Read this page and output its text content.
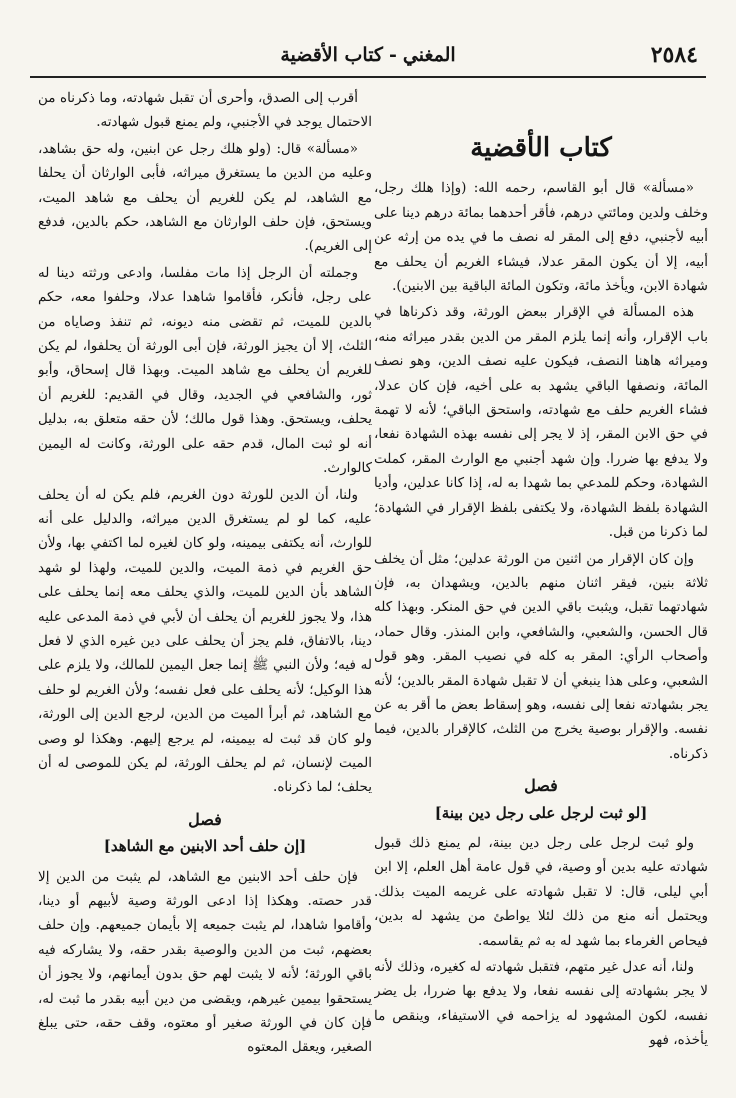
٢٥٨٤
المغني-كتاب الأقضية
كتاب الأقضية

«مسألة» قال أبو القاسم، رحمه الله: (وإذا هلك رجل، وخلف ولدين ومائتي درهم، فأقر أحدهما بمائة درهم دينا على أبيه لأجنبي، دفع إلى المقر له نصف ما في يده من إرثه عن أبيه، إلا أن يكون المقر عدلا، فيشاء الغريم أن يحلف مع شهادة الابن، ويأخذ مائة، وتكون المائة الباقية بين الابنين).

هذه المسألة في الإقرار ببعض الورثة، وقد ذكرناها في باب الإقرار، وأنه إنما يلزم المقر من الدين بقدر ميراثه منه، وميراثه هاهنا النصف، فيكون عليه نصف الدين، وهو نصف المائة، ونصفها الباقي يشهد به على أخيه، فإن كان عدلا، فشاء الغريم حلف مع شهادته، واستحق الباقي؛ لأنه لا تهمة في حق الابن المقر، إذ لا يجر إلى نفسه بهذه الشهادة نفعا، ولا يدفع بها ضررا. وإن شهد أجنبي مع الوارث المقر، كملت الشهادة، وحكم للمدعي بما شهدا به له، إذا كانا عدلين، وأديا الشهادة بلفظ الشهادة، ولا يكتفى بلفظ الإقرار في الشهادة؛ لما ذكرنا من قبل.

وإن كان الإقرار من اثنين من الورثة عدلين؛ مثل أن يخلف ثلاثة بنين، فيقر اثنان منهم بالدين، ويشهدان به، فإن شهادتهما تقبل، ويثبت باقي الدين في حق المنكر. وبهذا كله قال الحسن، والشعبي، والشافعي، وابن المنذر. وقال حماد، وأصحاب الرأي: المقر به كله في نصيب المقر. وهو قول الشعبي، وعلى هذا ينبغي أن لا تقبل شهادة المقر بالدين؛ لأنه يجر بشهادته نفعا إلى نفسه، وهو إسقاط بعض ما أقر به عن نفسه. والإقرار بوصية يخرج من الثلث، كالإقرار بالدين، فيما ذكرناه.

فصل
[لو ثبت لرجل على رجل دين بينة]

ولو ثبت لرجل على رجل دين بينة، لم يمنع ذلك قبول شهادته عليه بدين أو وصية، في قول عامة أهل العلم، إلا ابن أبي ليلى، قال: لا تقبل شهادته على غريمه الميت بذلك. ويحتمل أنه منع من ذلك لئلا يواطئ من يشهد له بدين، فيحاص الغرماء بما شهد له به ثم يقاسمه.

ولنا، أنه عدل غير متهم، فتقبل شهادته له كغيره، وذلك لأنه لا يجر بشهادته إلى نفسه نفعا، ولا يدفع بها ضررا، بل يضر نفسه، لكون المشهود له يزاحمه في الاستيفاء، وينقص ما يأخذه، فهو

أقرب إلى الصدق، وأحرى أن تقبل شهادته، وما ذكرناه من الاحتمال يوجد في الأجنبي، ولم يمنع قبول شهادته.

«مسألة» قال: (ولو هلك رجل عن ابنين، وله حق بشاهد، وعليه من الدين ما يستغرق ميراثه، فأبى الوارثان أن يحلفا مع الشاهد، لم يكن للغريم أن يحلف مع شاهد الميت، ويستحق، فإن حلف الوارثان مع الشاهد، حكم بالدين، فدفع إلى الغريم).

وجملته أن الرجل إذا مات مفلسا، وادعى ورثته دينا له على رجل، فأنكر، فأقاموا شاهدا عدلا، وحلفوا معه، حكم بالدين للميت، ثم تقضى منه ديونه، ثم تنفذ وصاياه من الثلث، إلا أن يجيز الورثة، فإن أبى الورثة أن يحلفوا، لم يكن للغريم أن يحلف مع شاهد الميت. وبهذا قال إسحاق، وأبو ثور، والشافعي في الجديد، وقال في القديم: للغريم أن يحلف، ويستحق. وهذا قول مالك؛ لأن حقه متعلق به، بدليل أنه لو ثبت المال، قدم حقه على الورثة، وكانت له اليمين كالوارث.

ولنا، أن الدين للورثة دون الغريم، فلم يكن له أن يحلف عليه، كما لو لم يستغرق الدين ميراثه، والدليل على أنه للوارث، أنه يكتفى بيمينه، ولو كان لغيره لما اكتفي بها، ولأن حق الغريم في ذمة الميت، والدين للميت، ولهذا لو شهد الشاهد بأن الدين للميت، والذي يحلف معه إنما يحلف على هذا، ولا يجوز للغريم أن يحلف أن لأبي في ذمة المدعى عليه دينا، بالاتفاق، فلم يجز أن يحلف على دين غيره الذي لا فعل له فيه؛ ولأن النبي ﷺ إنما جعل اليمين للمالك، ولا يلزم على هذا الوكيل؛ لأنه يحلف على فعل نفسه؛ ولأن الغريم لو حلف مع الشاهد، ثم أبرأ الميت من الدين، لرجع الدين إلى الورثة، ولو كان قد ثبت له بيمينه، لم يرجع إليهم. وهكذا لو وصى الميت لإنسان، ثم لم يحلف الورثة، لم يكن للموصى له أن يحلف؛ لما ذكرناه.

فصل
[إن حلف أحد الابنين مع الشاهد]

فإن حلف أحد الابنين مع الشاهد، لم يثبت من الدين إلا قدر حصته. وهكذا إذا ادعى الورثة وصية لأبيهم أو دينا، وأقاموا شاهدا، لم يثبت جميعه إلا بأيمان جميعهم. وإن حلف بعضهم، ثبت من الدين والوصية بقدر حقه، ولا يشاركه فيه باقي الورثة؛ لأنه لا يثبت لهم حق بدون أيمانهم، ولا يجوز أن يستحقوا بيمين غيرهم، ويقضى من دين أبيه بقدر ما ثبت له، فإن كان في الورثة صغير أو معتوه، وقف حقه، حتى يبلغ الصغير، ويعقل المعتوه
